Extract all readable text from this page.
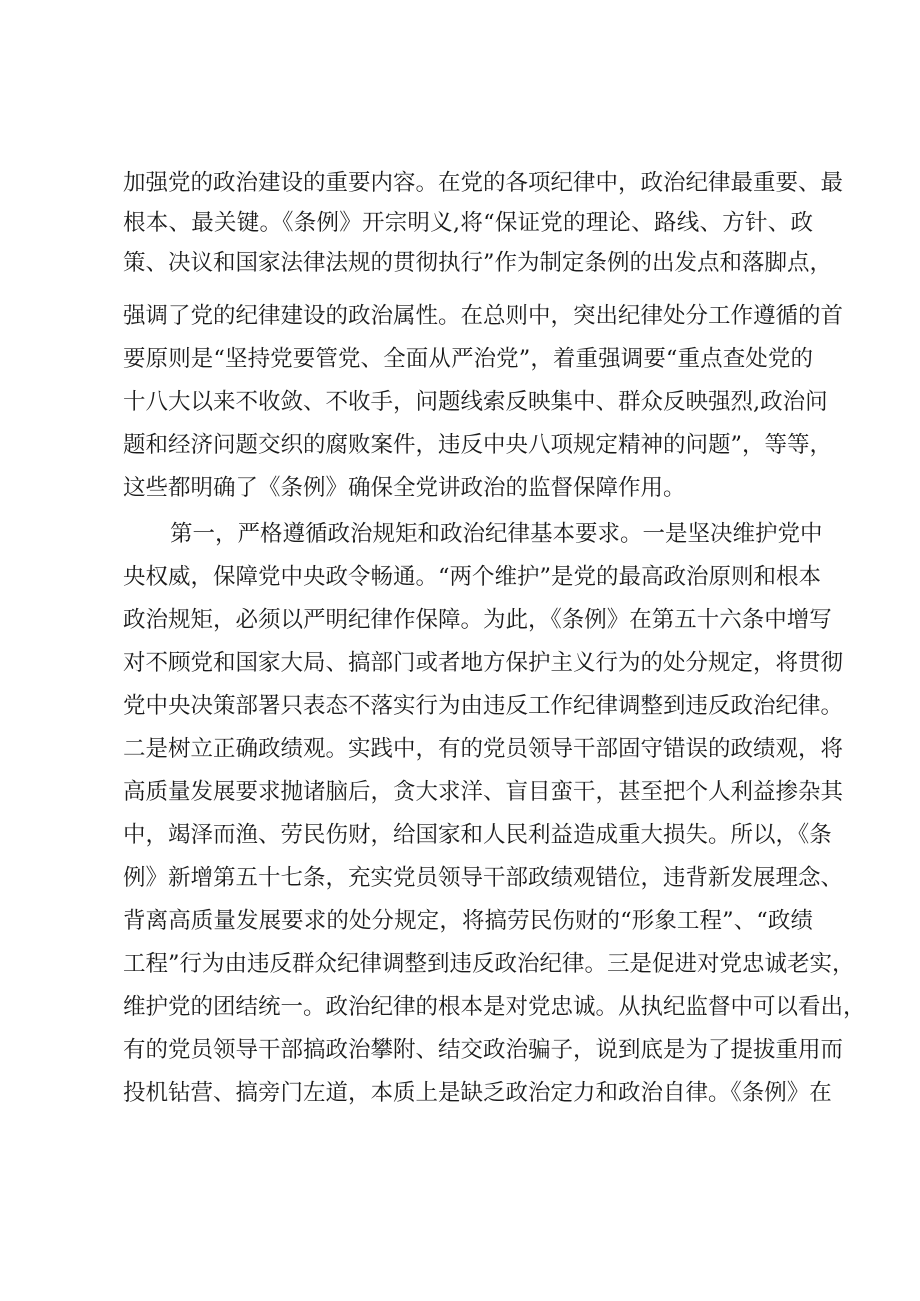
加强党的政治建设的重要内容。在党的各项纪律中，政治纪律最重要、最
根本、最关键。《条例》开宗明义,将“保证党的理论、路线、方针、政
策、决议和国家法律法规的贯彻执行”作为制定条例的出发点和落脚点，
强调了党的纪律建设的政治属性。在总则中，突出纪律处分工作遵循的首
要原则是“坚持党要管党、全面从严治党”，着重强调要“重点查处党的
十八大以来不收敛、不收手，问题线索反映集中、群众反映强烈,政治问
题和经济问题交织的腐败案件，违反中央八项规定精神的问题”，等等，
这些都明确了《条例》确保全党讲政治的监督保障作用。
第一，严格遵循政治规矩和政治纪律基本要求。一是坚决维护党中
央权威，保障党中央政令畅通。“两个维护”是党的最高政治原则和根本
政治规矩，必须以严明纪律作保障。为此，《条例》在第五十六条中增写
对不顾党和国家大局、搞部门或者地方保护主义行为的处分规定，将贯彻
党中央决策部署只表态不落实行为由违反工作纪律调整到违反政治纪律。
二是树立正确政绩观。实践中，有的党员领导干部固守错误的政绩观，将
高质量发展要求抛诸脑后，贪大求洋、盲目蛮干，甚至把个人利益掺杂其
中，竭泽而渔、劳民伤财，给国家和人民利益造成重大损失。所以，《条
例》新增第五十七条，充实党员领导干部政绩观错位，违背新发展理念、
背离高质量发展要求的处分规定，将搞劳民伤财的“形象工程”、“政绩
工程”行为由违反群众纪律调整到违反政治纪律。三是促进对党忠诚老实，
维护党的团结统一。政治纪律的根本是对党忠诚。从执纪监督中可以看出，
有的党员领导干部搞政治攀附、结交政治骗子，说到底是为了提拔重用而
投机钻营、搞旁门左道，本质上是缺乏政治定力和政治自律。《条例》在
